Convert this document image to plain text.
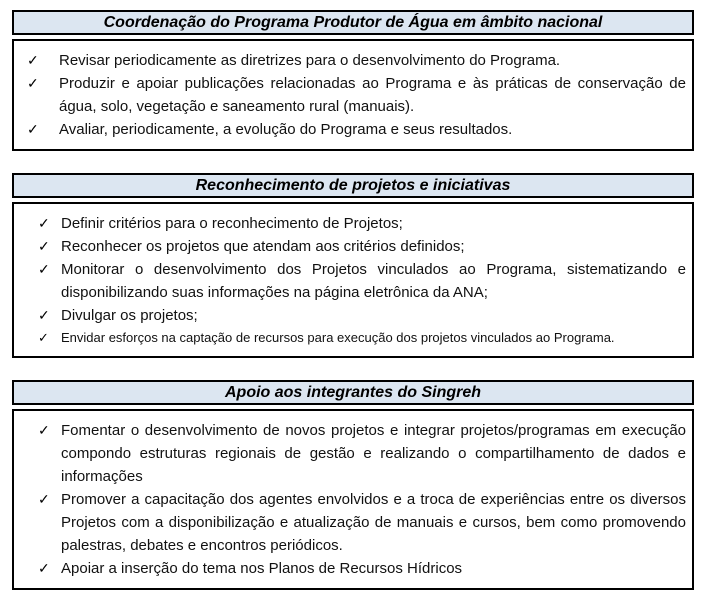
Coordenação do Programa Produtor de Água em âmbito nacional
✓	Revisar periodicamente as diretrizes para o desenvolvimento do Programa.
✓	Produzir e apoiar publicações relacionadas ao Programa e às práticas de conservação de água, solo, vegetação e saneamento rural (manuais).
✓	Avaliar, periodicamente, a evolução do Programa e seus resultados.
Reconhecimento de projetos e iniciativas
✓ Definir critérios para o reconhecimento de Projetos;
✓ Reconhecer os projetos que atendam aos critérios definidos;
✓ Monitorar o desenvolvimento dos Projetos vinculados ao Programa, sistematizando e disponibilizando suas informações na página eletrônica da ANA;
✓ Divulgar os projetos;
✓ Envidar esforços na captação de recursos para execução dos projetos vinculados ao Programa.
Apoio aos integrantes do Singreh
✓ Fomentar o desenvolvimento de novos projetos e integrar projetos/programas em execução compondo estruturas regionais de gestão e realizando o compartilhamento de dados e informações
✓ Promover a capacitação dos agentes envolvidos e a troca de experiências entre os diversos Projetos com a disponibilização e atualização de manuais e cursos, bem como promovendo palestras, debates e encontros periódicos.
✓ Apoiar a inserção do tema nos Planos de Recursos Hídricos
